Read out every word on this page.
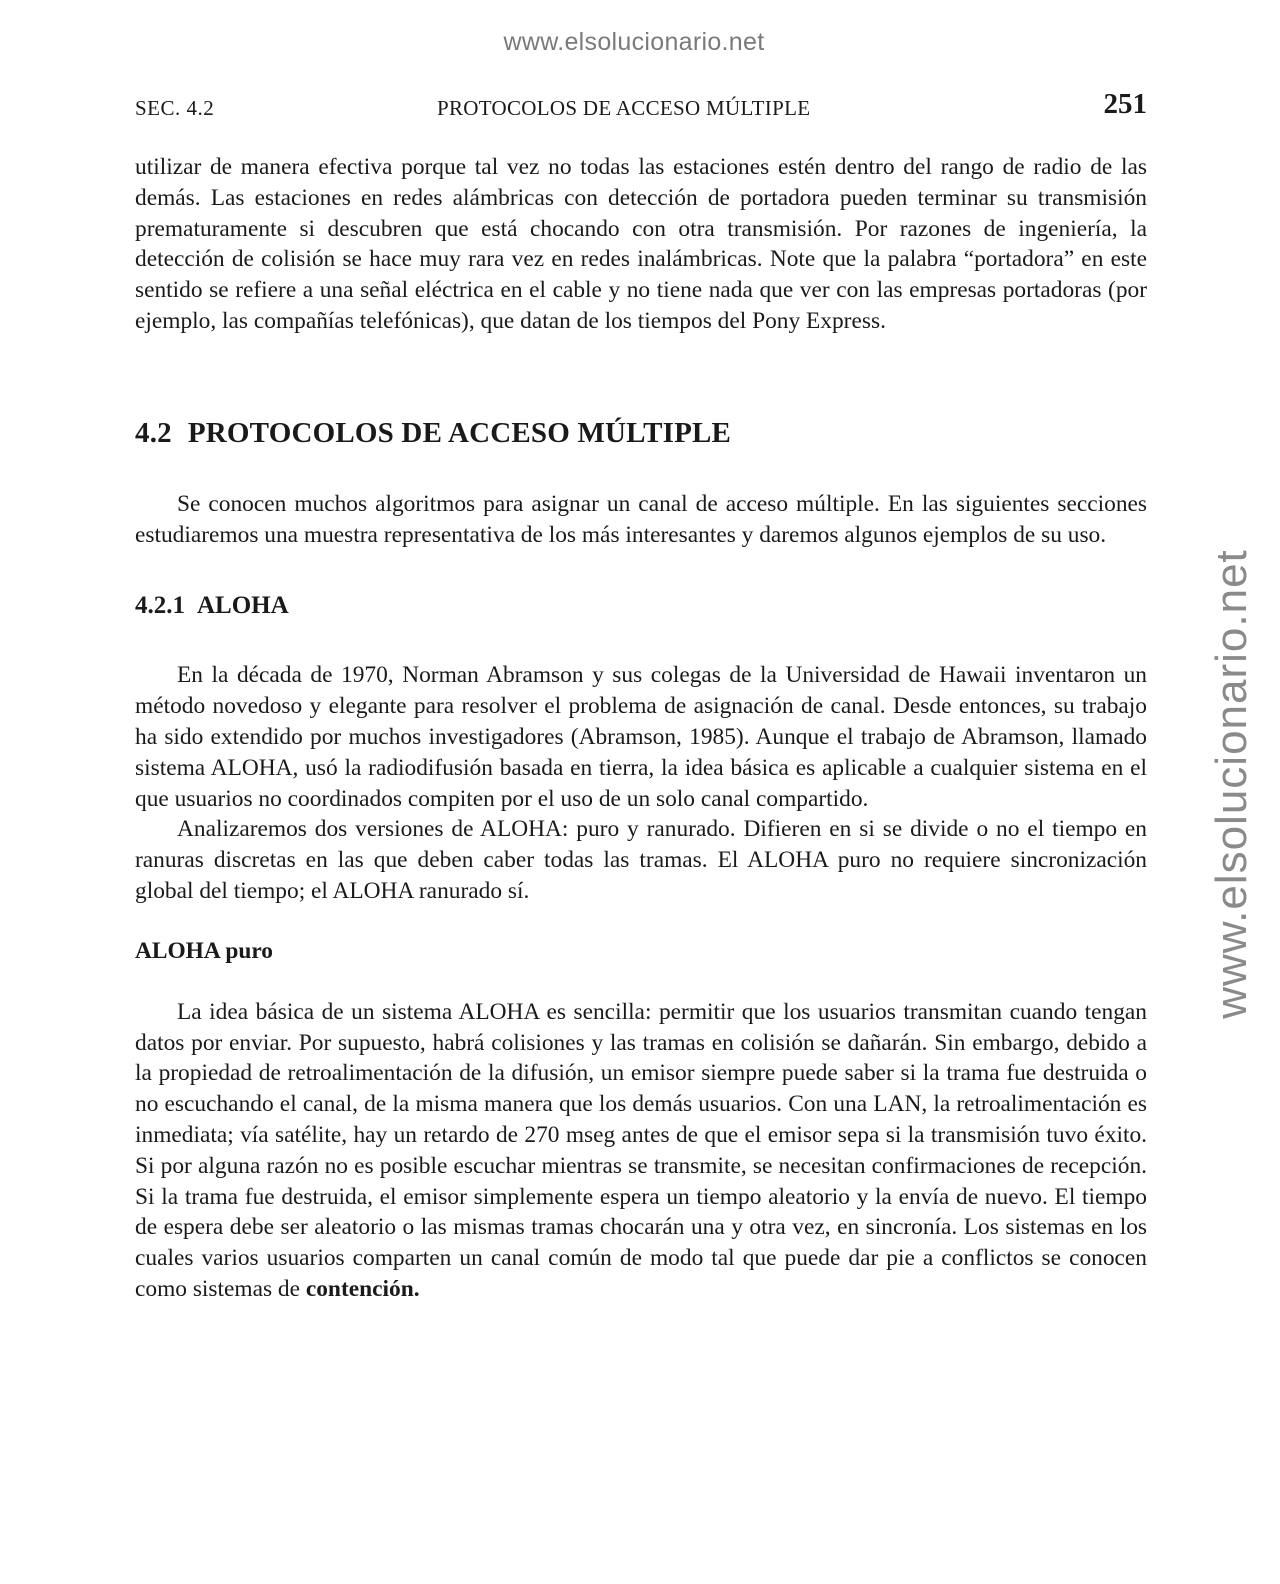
www.elsolucionario.net
www.elsolucionario.net
SEC. 4.2	PROTOCOLOS DE ACCESO MÚLTIPLE	251

utilizar de manera efectiva porque tal vez no todas las estaciones estén dentro del rango de radio de las demás. Las estaciones en redes alámbricas con detección de portadora pueden terminar su transmisión prematuramente si descubren que está chocando con otra transmisión. Por razones de ingeniería, la detección de colisión se hace muy rara vez en redes inalámbricas. Note que la palabra “portadora” en este sentido se refiere a una señal eléctrica en el cable y no tiene nada que ver con las empresas portadoras (por ejemplo, las compañías telefónicas), que datan de los tiempos del Pony Express.

4.2 PROTOCOLOS DE ACCESO MÚLTIPLE

Se conocen muchos algoritmos para asignar un canal de acceso múltiple. En las siguientes secciones estudiaremos una muestra representativa de los más interesantes y daremos algunos ejemplos de su uso.

4.2.1 ALOHA

En la década de 1970, Norman Abramson y sus colegas de la Universidad de Hawaii inventaron un método novedoso y elegante para resolver el problema de asignación de canal. Desde entonces, su trabajo ha sido extendido por muchos investigadores (Abramson, 1985). Aunque el trabajo de Abramson, llamado sistema ALOHA, usó la radiodifusión basada en tierra, la idea básica es aplicable a cualquier sistema en el que usuarios no coordinados compiten por el uso de un solo canal compartido.

Analizaremos dos versiones de ALOHA: puro y ranurado. Difieren en si se divide o no el tiempo en ranuras discretas en las que deben caber todas las tramas. El ALOHA puro no requiere sincronización global del tiempo; el ALOHA ranurado sí.

ALOHA puro

La idea básica de un sistema ALOHA es sencilla: permitir que los usuarios transmitan cuando tengan datos por enviar. Por supuesto, habrá colisiones y las tramas en colisión se dañarán. Sin embargo, debido a la propiedad de retroalimentación de la difusión, un emisor siempre puede saber si la trama fue destruida o no escuchando el canal, de la misma manera que los demás usuarios. Con una LAN, la retroalimentación es inmediata; vía satélite, hay un retardo de 270 mseg antes de que el emisor sepa si la transmisión tuvo éxito. Si por alguna razón no es posible escuchar mientras se transmite, se necesitan confirmaciones de recepción. Si la trama fue destruida, el emisor simplemente espera un tiempo aleatorio y la envía de nuevo. El tiempo de espera debe ser aleatorio o las mismas tramas chocarán una y otra vez, en sincronía. Los sistemas en los cuales varios usuarios comparten un canal común de modo tal que puede dar pie a conflictos se conocen como sistemas de contención.
